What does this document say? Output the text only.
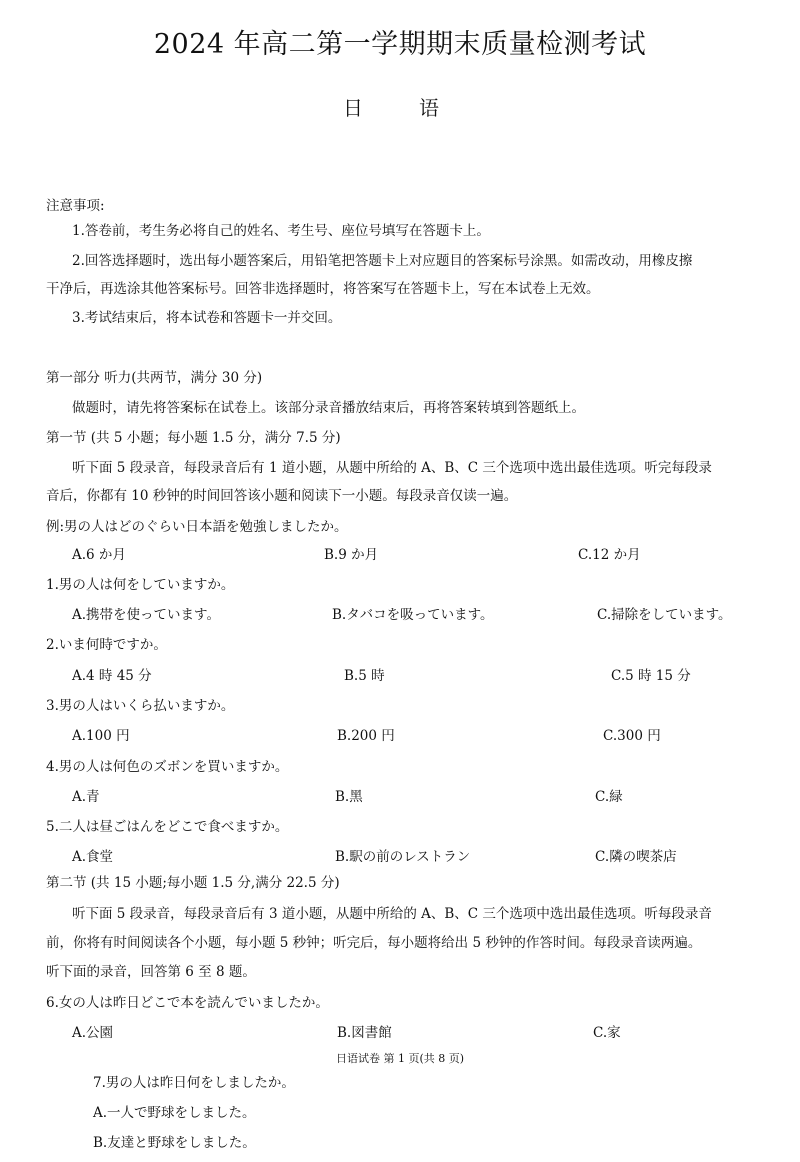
2024 年高二第一学期期末质量检测考试
日　语
注意事项:
1.答卷前，考生务必将自己的姓名、考生号、座位号填写在答题卡上。
2.回答选择题时，选出每小题答案后，用铅笔把答题卡上对应题目的答案标号涂黑。如需改动，用橡皮擦
干净后，再选涂其他答案标号。回答非选择题时，将答案写在答题卡上，写在本试卷上无效。
3.考试结束后，将本试卷和答题卡一并交回。
第一部分 听力(共两节，满分 30 分)
做题时，请先将答案标在试卷上。该部分录音播放结束后，再将答案转填到答题纸上。
第一节 (共 5 小题；每小题 1.5 分，满分 7.5 分)
听下面 5 段录音，每段录音后有 1 道小题，从题中所给的 A、B、C 三个选项中选出最佳选项。听完每段录
音后，你都有 10 秒钟的时间回答该小题和阅读下一小题。每段录音仅读一遍。
例:男の人はどのぐらい日本語を勉強しましたか。
A.6 か月	B.9 か月	C.12 か月
1.男の人は何をしていますか。
A.携帯を使っています。	B.タバコを吸っています。	C.掃除をしています。
2.いま何時ですか。
A.4 時 45 分	B.5 時	C.5 時 15 分
3.男の人はいくら払いますか。
A.100 円	B.200 円	C.300 円
4.男の人は何色のズボンを買いますか。
A.青	B.黑	C.緑
5.二人は昼ごはんをどこで食べますか。
A.食堂	B.駅の前のレストラン	C.隣の喫茶店
第二节 (共 15 小题;每小题 1.5 分,满分 22.5 分)
听下面 5 段录音，每段录音后有 3 道小题，从题中所给的 A、B、C 三个选项中选出最佳选项。听每段录音
前，你将有时间阅读各个小题，每小题 5 秒钟；听完后，每小题将给出 5 秒钟的作答时间。每段录音读两遍。
听下面的录音，回答第 6 至 8 题。
6.女の人は昨日どこで本を読んでいましたか。
A.公園	B.図書館	C.家
日语试卷 第 1 页(共 8 页)
7.男の人は昨日何をしましたか。
A.一人で野球をしました。
B.友達と野球をしました。
